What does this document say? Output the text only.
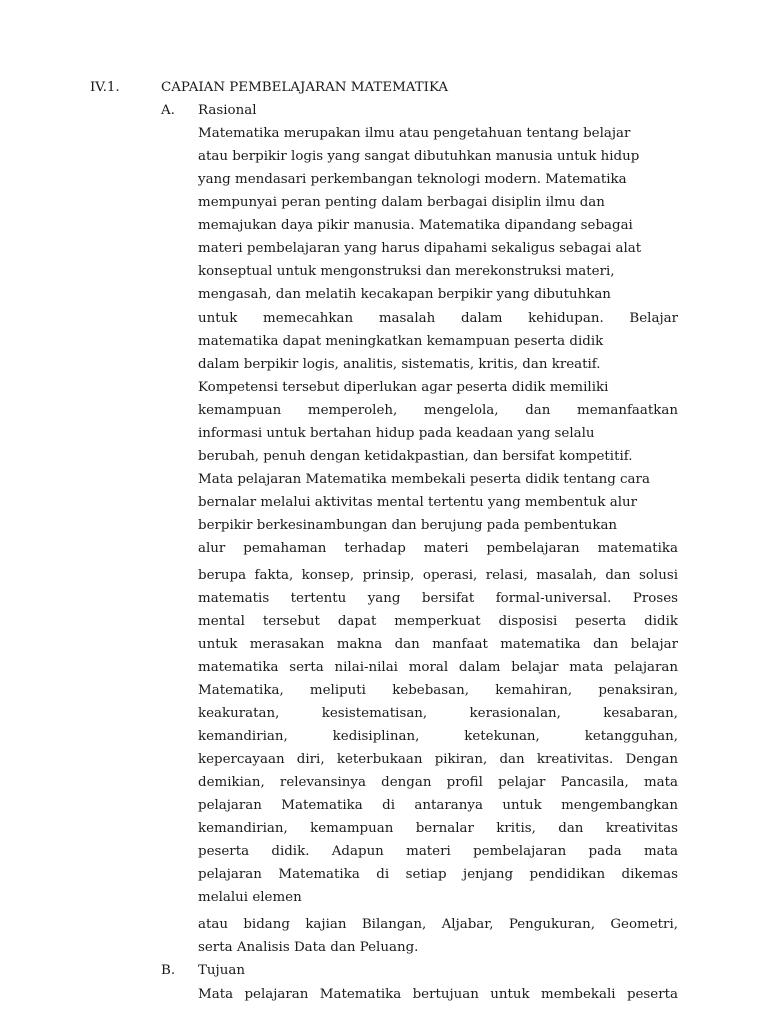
IV.1.	CAPAIAN PEMBELAJARAN MATEMATIKA
A. Rasional
Matematika merupakan ilmu atau pengetahuan tentang belajar
atau berpikir logis yang sangat dibutuhkan manusia untuk hidup
yang mendasari perkembangan teknologi modern. Matematika
mempunyai peran penting dalam berbagai disiplin ilmu dan
memajukan daya pikir manusia. Matematika dipandang sebagai
materi pembelajaran yang harus dipahami sekaligus sebagai alat
konseptual untuk mengonstruksi dan merekonstruksi materi,
mengasah, dan melatih kecakapan berpikir yang dibutuhkan
untuk memecahkan masalah dalam kehidupan. Belajar
matematika dapat meningkatkan kemampuan peserta didik
dalam berpikir logis, analitis, sistematis, kritis, dan kreatif.
Kompetensi tersebut diperlukan agar peserta didik memiliki
kemampuan memperoleh, mengelola, dan memanfaatkan
informasi untuk bertahan hidup pada keadaan yang selalu
berubah, penuh dengan ketidakpastian, dan bersifat kompetitif.
Mata pelajaran Matematika membekali peserta didik tentang cara
bernalar melalui aktivitas mental tertentu yang membentuk alur
berpikir berkesinambungan dan berujung pada pembentukan
alur pemahaman terhadap materi pembelajaran matematika
berupa fakta, konsep, prinsip, operasi, relasi, masalah, dan solusi
matematis tertentu yang bersifat formal-universal. Proses
mental tersebut dapat memperkuat disposisi peserta didik
untuk merasakan makna dan manfaat matematika dan belajar
matematika serta nilai-nilai moral dalam belajar mata pelajaran
Matematika, meliputi kebebasan, kemahiran, penaksiran,
keakuratan, kesistematisan, kerasionalan, kesabaran,
kemandirian, kedisiplinan, ketekunan, ketangguhan,
kepercayaan diri, keterbukaan pikiran, dan kreativitas. Dengan
demikian, relevansinya dengan profil pelajar Pancasila, mata
pelajaran Matematika di antaranya untuk mengembangkan
kemandirian, kemampuan bernalar kritis, dan kreativitas
peserta didik. Adapun materi pembelajaran pada mata
pelajaran Matematika di setiap jenjang pendidikan dikemas
melalui elemen
atau bidang kajian Bilangan, Aljabar, Pengukuran, Geometri,
serta Analisis Data dan Peluang.
B. Tujuan
Mata pelajaran Matematika bertujuan untuk membekali peserta
